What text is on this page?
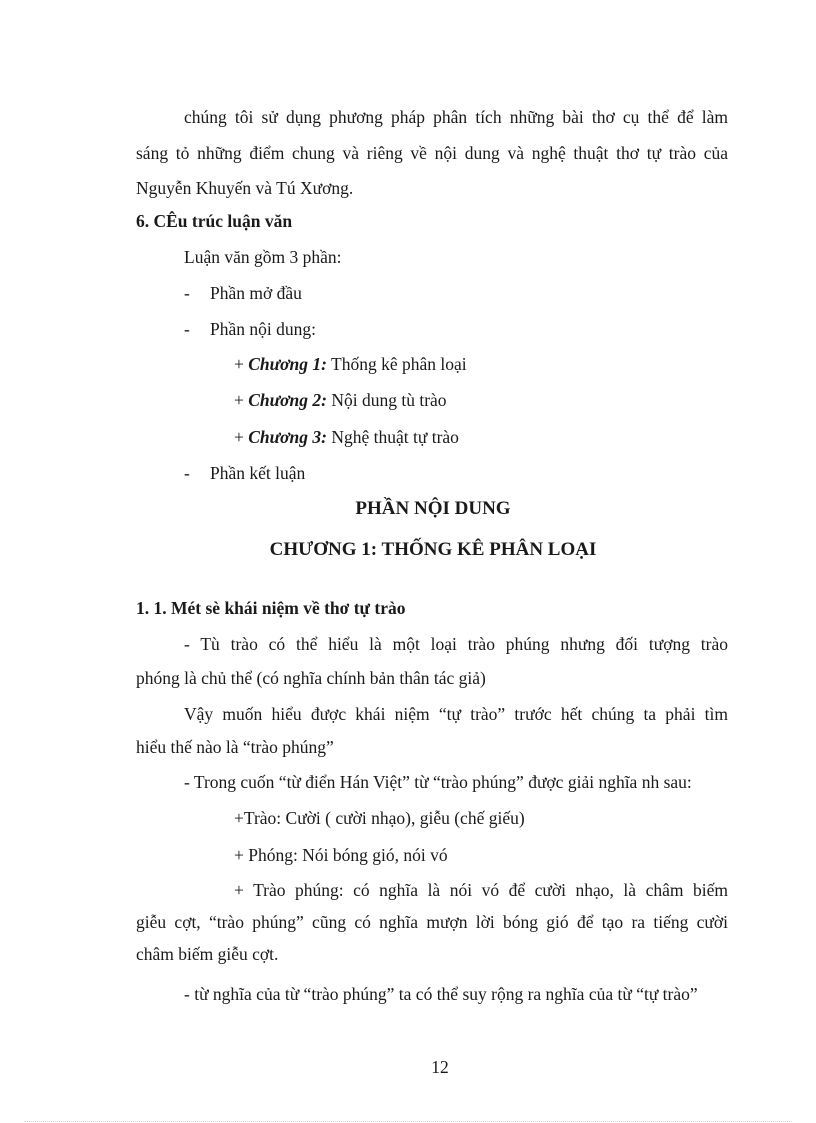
chúng tôi sử dụng phương pháp phân tích những bài thơ cụ thể để làm
sáng tỏ những điểm chung và riêng về nội dung và nghệ thuật thơ tự trào của
Nguyễn Khuyến và Tú Xương.
6. CÊu trúc luận văn
Luận văn gồm 3 phần:
- Phần mở đầu
- Phần nội dung:
+ Chương 1: Thống kê phân loại
+ Chương 2: Nội dung tù trào
+ Chương 3: Nghệ thuật tự trào
- Phần kết luận
PHẦN NỘI DUNG
CHƯƠNG 1: THỐNG KÊ PHÂN LOẠI
1. 1. Mét sè khái niệm về thơ tự trào
- Tù trào có thể hiểu là một loại trào phúng nhưng đối tượng trào
phóng là chủ thể (có nghĩa chính bản thân tác giả)
Vậy muốn hiểu được khái niệm “tự trào” trước hết chúng ta phải tìm
hiểu thế nào là “trào phúng”
- Trong cuốn “từ điển Hán Việt” từ “trào phúng” được giải nghĩa nh sau:
+Trào: Cười ( cười nhạo), giễu (chế giếu)
+ Phóng: Nói bóng gió, nói vó
+ Trào phúng: có nghĩa là nói vó để cười nhạo, là châm biếm
giễu cợt, “trào phúng” cũng có nghĩa mượn lời bóng gió để tạo ra tiếng cười
châm biếm giễu cợt.
- từ nghĩa của từ “trào phúng” ta có thể suy rộng ra nghĩa của từ “tự trào”
12
